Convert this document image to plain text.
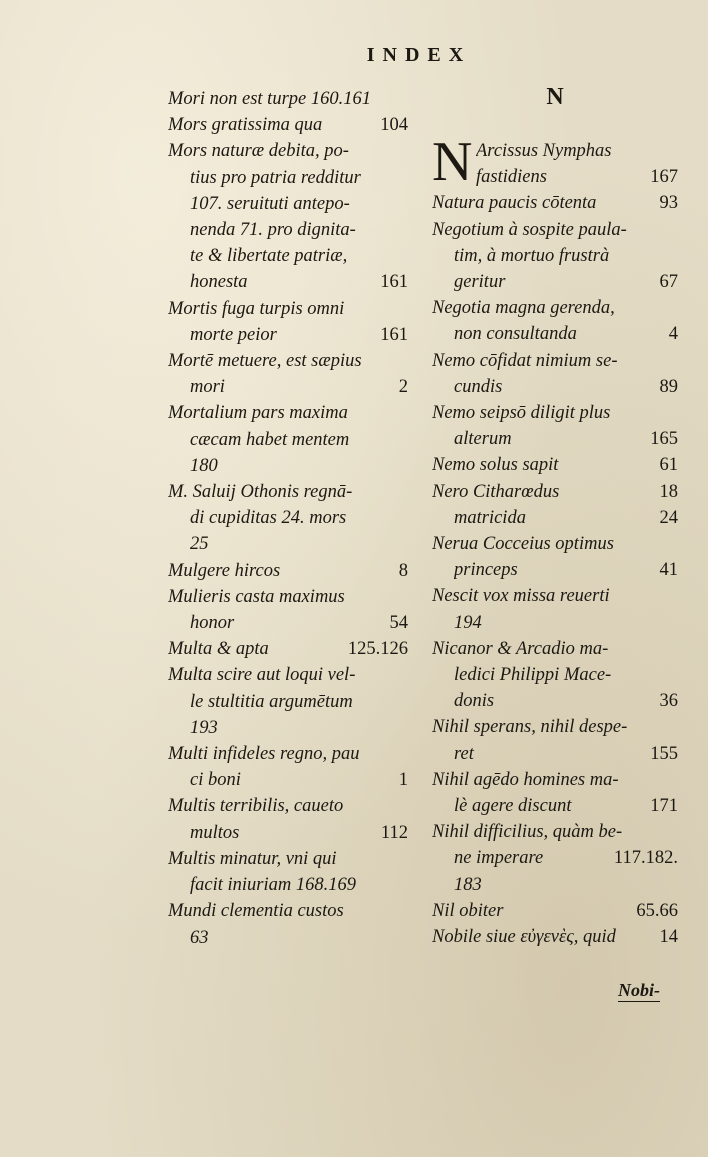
INDEX
Mori non est turpe 160.161
Mors gratissima qua	104
Mors naturæ debita, po-
tius pro patria redditur
107. seruituti antepo-
nenda 71. pro dignita-
te & libertate patriæ,
honesta	161
Mortis fuga turpis omni
morte peior	161
Mortē metuere, est sæpius
mori	2
Mortalium pars maxima
cæcam habet mentem
180
M. Saluij Othonis regnā-
di cupiditas 24. mors
25
Mulgere hircos	8
Mulieris casta maximus
honor	54
Multa & apta	125.126
Multa scire aut loqui vel-
le stultitia argumētum
193
Multi infideles regno, pau
ci boni	1
Multis terribilis, caueto
multos	112
Multis minatur, vni qui
facit iniuriam 168.169
Mundi clementia custos
63
N
N Arcissus Nymphas
fastidiens	167
Natura paucis cōtenta	93
Negotium à sospite paula-
tim, à mortuo frustrà
geritur	67
Negotia magna gerenda,
non consultanda	4
Nemo cōfidat nimium se-
cundis	89
Nemo seipsō diligit plus
alterum	165
Nemo solus sapit	61
Nero Citharœdus	18
matricida	24
Nerua Cocceius optimus
princeps	41
Nescit vox missa reuerti
194
Nicanor & Arcadio ma-
ledici Philippi Mace-
donis	36
Nihil sperans, nihil despe-
ret	155
Nihil agēdo homines ma-
lè agere discunt	171
Nihil difficilius, quàm be-
ne imperare	117.182.
183
Nil obiter	65.66
Nobile siue εὐγενὲς, quid	14
Nobi-
